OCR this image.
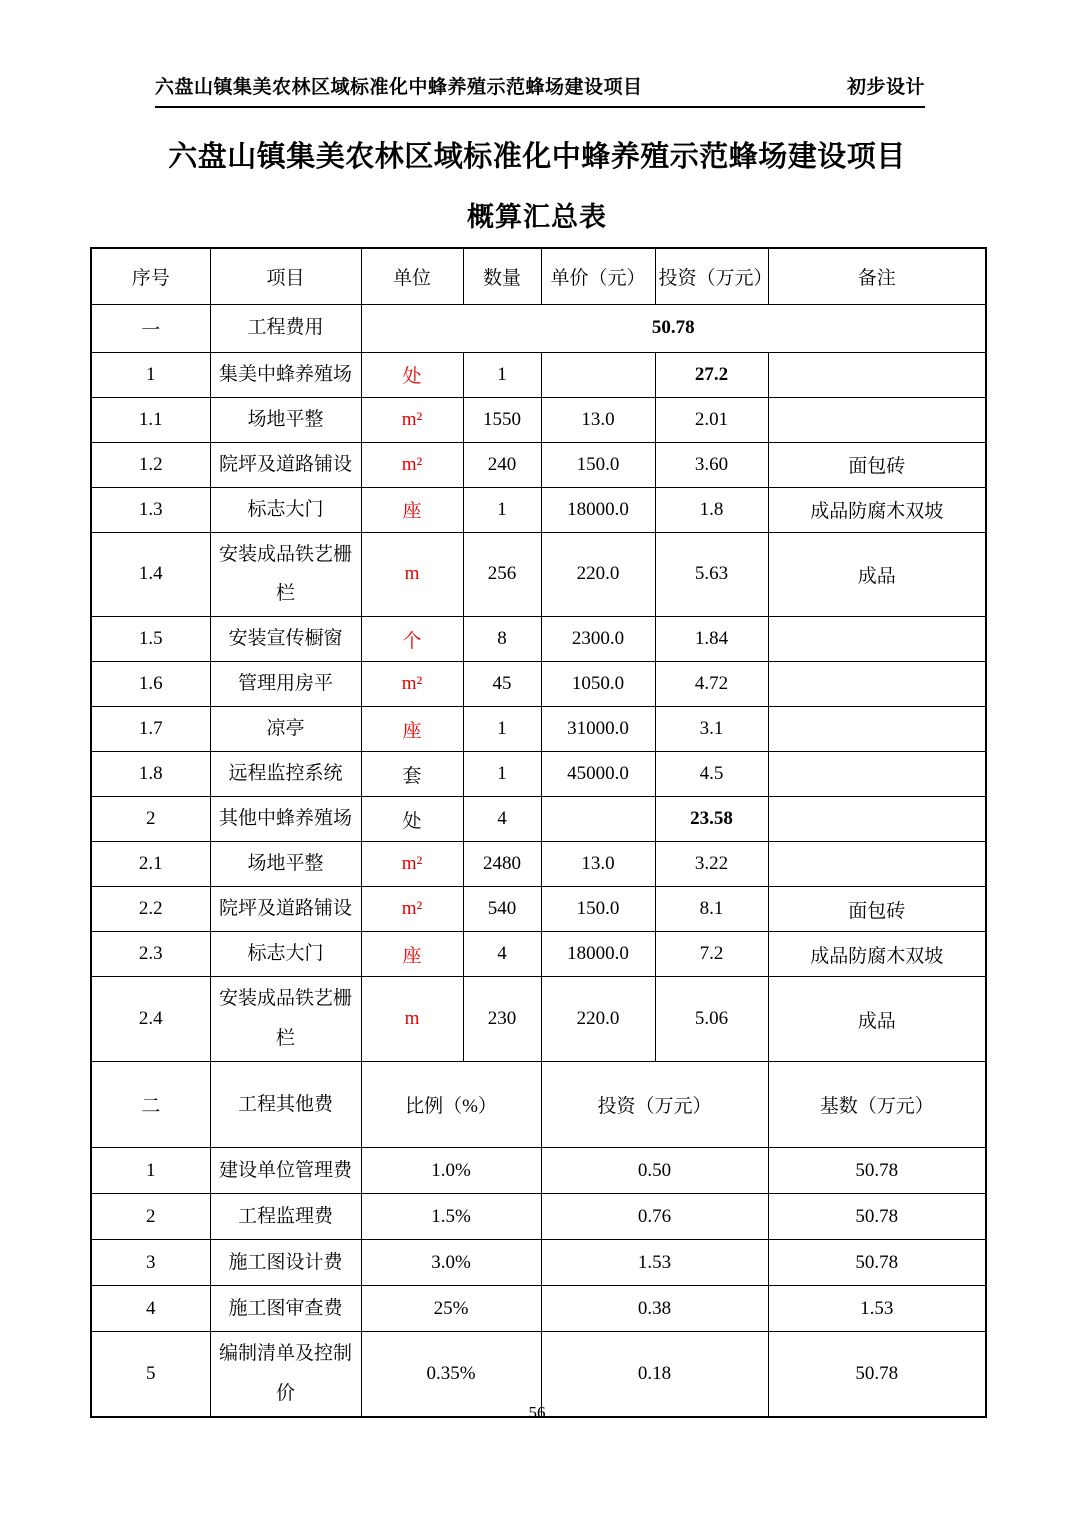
六盘山镇集美农林区域标准化中蜂养殖示范蜂场建设项目	初步设计
六盘山镇集美农林区域标准化中蜂养殖示范蜂场建设项目
概算汇总表
序号	项目	单位	数量	单价（元）	投资（万元）	备注
一	工程费用	50.78				
1	集美中蜂养殖场	处	1		27.2	
1.1	场地平整	m²	1550	13.0	2.01	
1.2	院坪及道路铺设	m²	240	150.0	3.60	面包砖
1.3	标志大门	座	1	18000.0	1.8	成品防腐木双坡
1.4	安装成品铁艺栅栏	m	256	220.0	5.63	成品
1.5	安装宣传橱窗	个	8	2300.0	1.84	
1.6	管理用房平	m²	45	1050.0	4.72	
1.7	凉亭	座	1	31000.0	3.1	
1.8	远程监控系统	套	1	45000.0	4.5	
2	其他中蜂养殖场	处	4		23.58	
2.1	场地平整	m²	2480	13.0	3.22	
2.2	院坪及道路铺设	m²	540	150.0	8.1	面包砖
2.3	标志大门	座	4	18000.0	7.2	成品防腐木双坡
2.4	安装成品铁艺栅栏	m	230	220.0	5.06	成品
二	工程其他费	比例（%）		投资（万元）		基数（万元）
1	建设单位管理费	1.0%		0.50		50.78
2	工程监理费	1.5%		0.76		50.78
3	施工图设计费	3.0%		1.53		50.78
4	施工图审查费	25%		0.38		1.53
5	编制清单及控制价	0.35%		0.18		50.78
56
